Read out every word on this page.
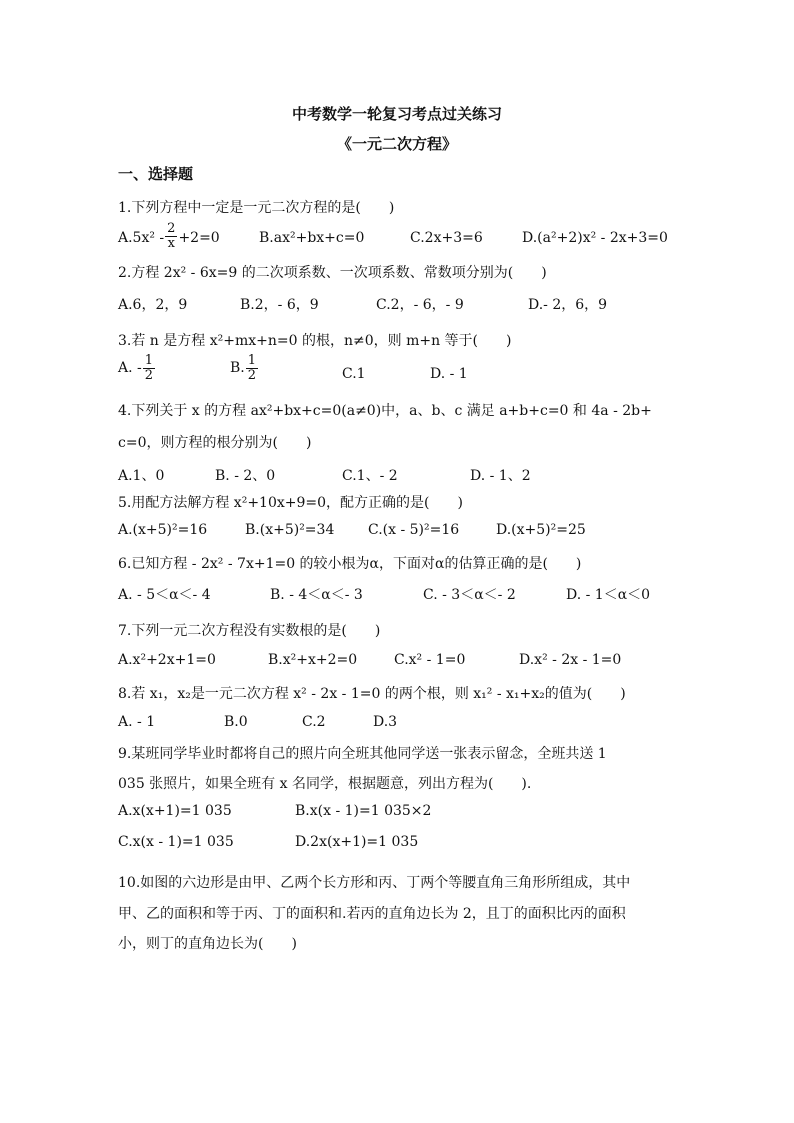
中考数学一轮复习考点过关练习
《一元二次方程》
一、选择题
1.下列方程中一定是一元二次方程的是(　　)
$A.5x^2 - \frac{2}{x} +2=0$	B.ax²+bx+c=0	C.2x+3=6	D.(a²+2)x² - 2x+3=0
2.方程 2x² - 6x=9 的二次项系数、一次项系数、常数项分别为(　　)
A.6，2，9	B.2，- 6，9	C.2，- 6，- 9	D.- 2，6，9
3.若 n 是方程 x²+mx+n=0 的根，n≠0，则 m+n 等于(　　)
A. - $\frac{1}{2}$	B. $\frac{1}{2}$	C.1	D. - 1
4.下列关于 x 的方程 ax²+bx+c=0(a≠0)中，a、b、c 满足 a+b+c=0 和 4a - 2b+
c=0，则方程的根分别为(　　)
A.1、0	B. - 2、0	C.1、- 2	D. - 1、2
5.用配方法解方程 x²+10x+9=0，配方正确的是(　　)
A.(x+5)²=16	B.(x+5)²=34 C.(x - 5)²=16	D.(x+5)²=25
6.已知方程 - 2x² - 7x+1=0 的较小根为α，下面对α的估算正确的是(　　)
A. - 5＜α＜- 4	B. - 4＜α＜- 3	C. - 3＜α＜- 2	D. - 1＜α＜0
7.下列一元二次方程没有实数根的是(　　)
A.x²+2x+1=0	B.x²+x+2=0	C.x² - 1=0	D.x² - 2x - 1=0
8.若 x₁，x₂是一元二次方程 x² - 2x - 1=0 的两个根，则 x₁² - x₁+x₂的值为(　　)
A. - 1	B.0	C.2	D.3
9.某班同学毕业时都将自己的照片向全班其他同学送一张表示留念，全班共送 1
035 张照片，如果全班有 x 名同学，根据题意，列出方程为(　　).
A.x(x+1)=1 035	B.x(x - 1)=1 035×2
C.x(x - 1)=1 035	D.2x(x+1)=1 035
10.如图的六边形是由甲、乙两个长方形和丙、丁两个等腰直角三角形所组成，其中
甲、乙的面积和等于丙、丁的面积和.若丙的直角边长为 2，且丁的面积比丙的面积
小，则丁的直角边长为(　　)
